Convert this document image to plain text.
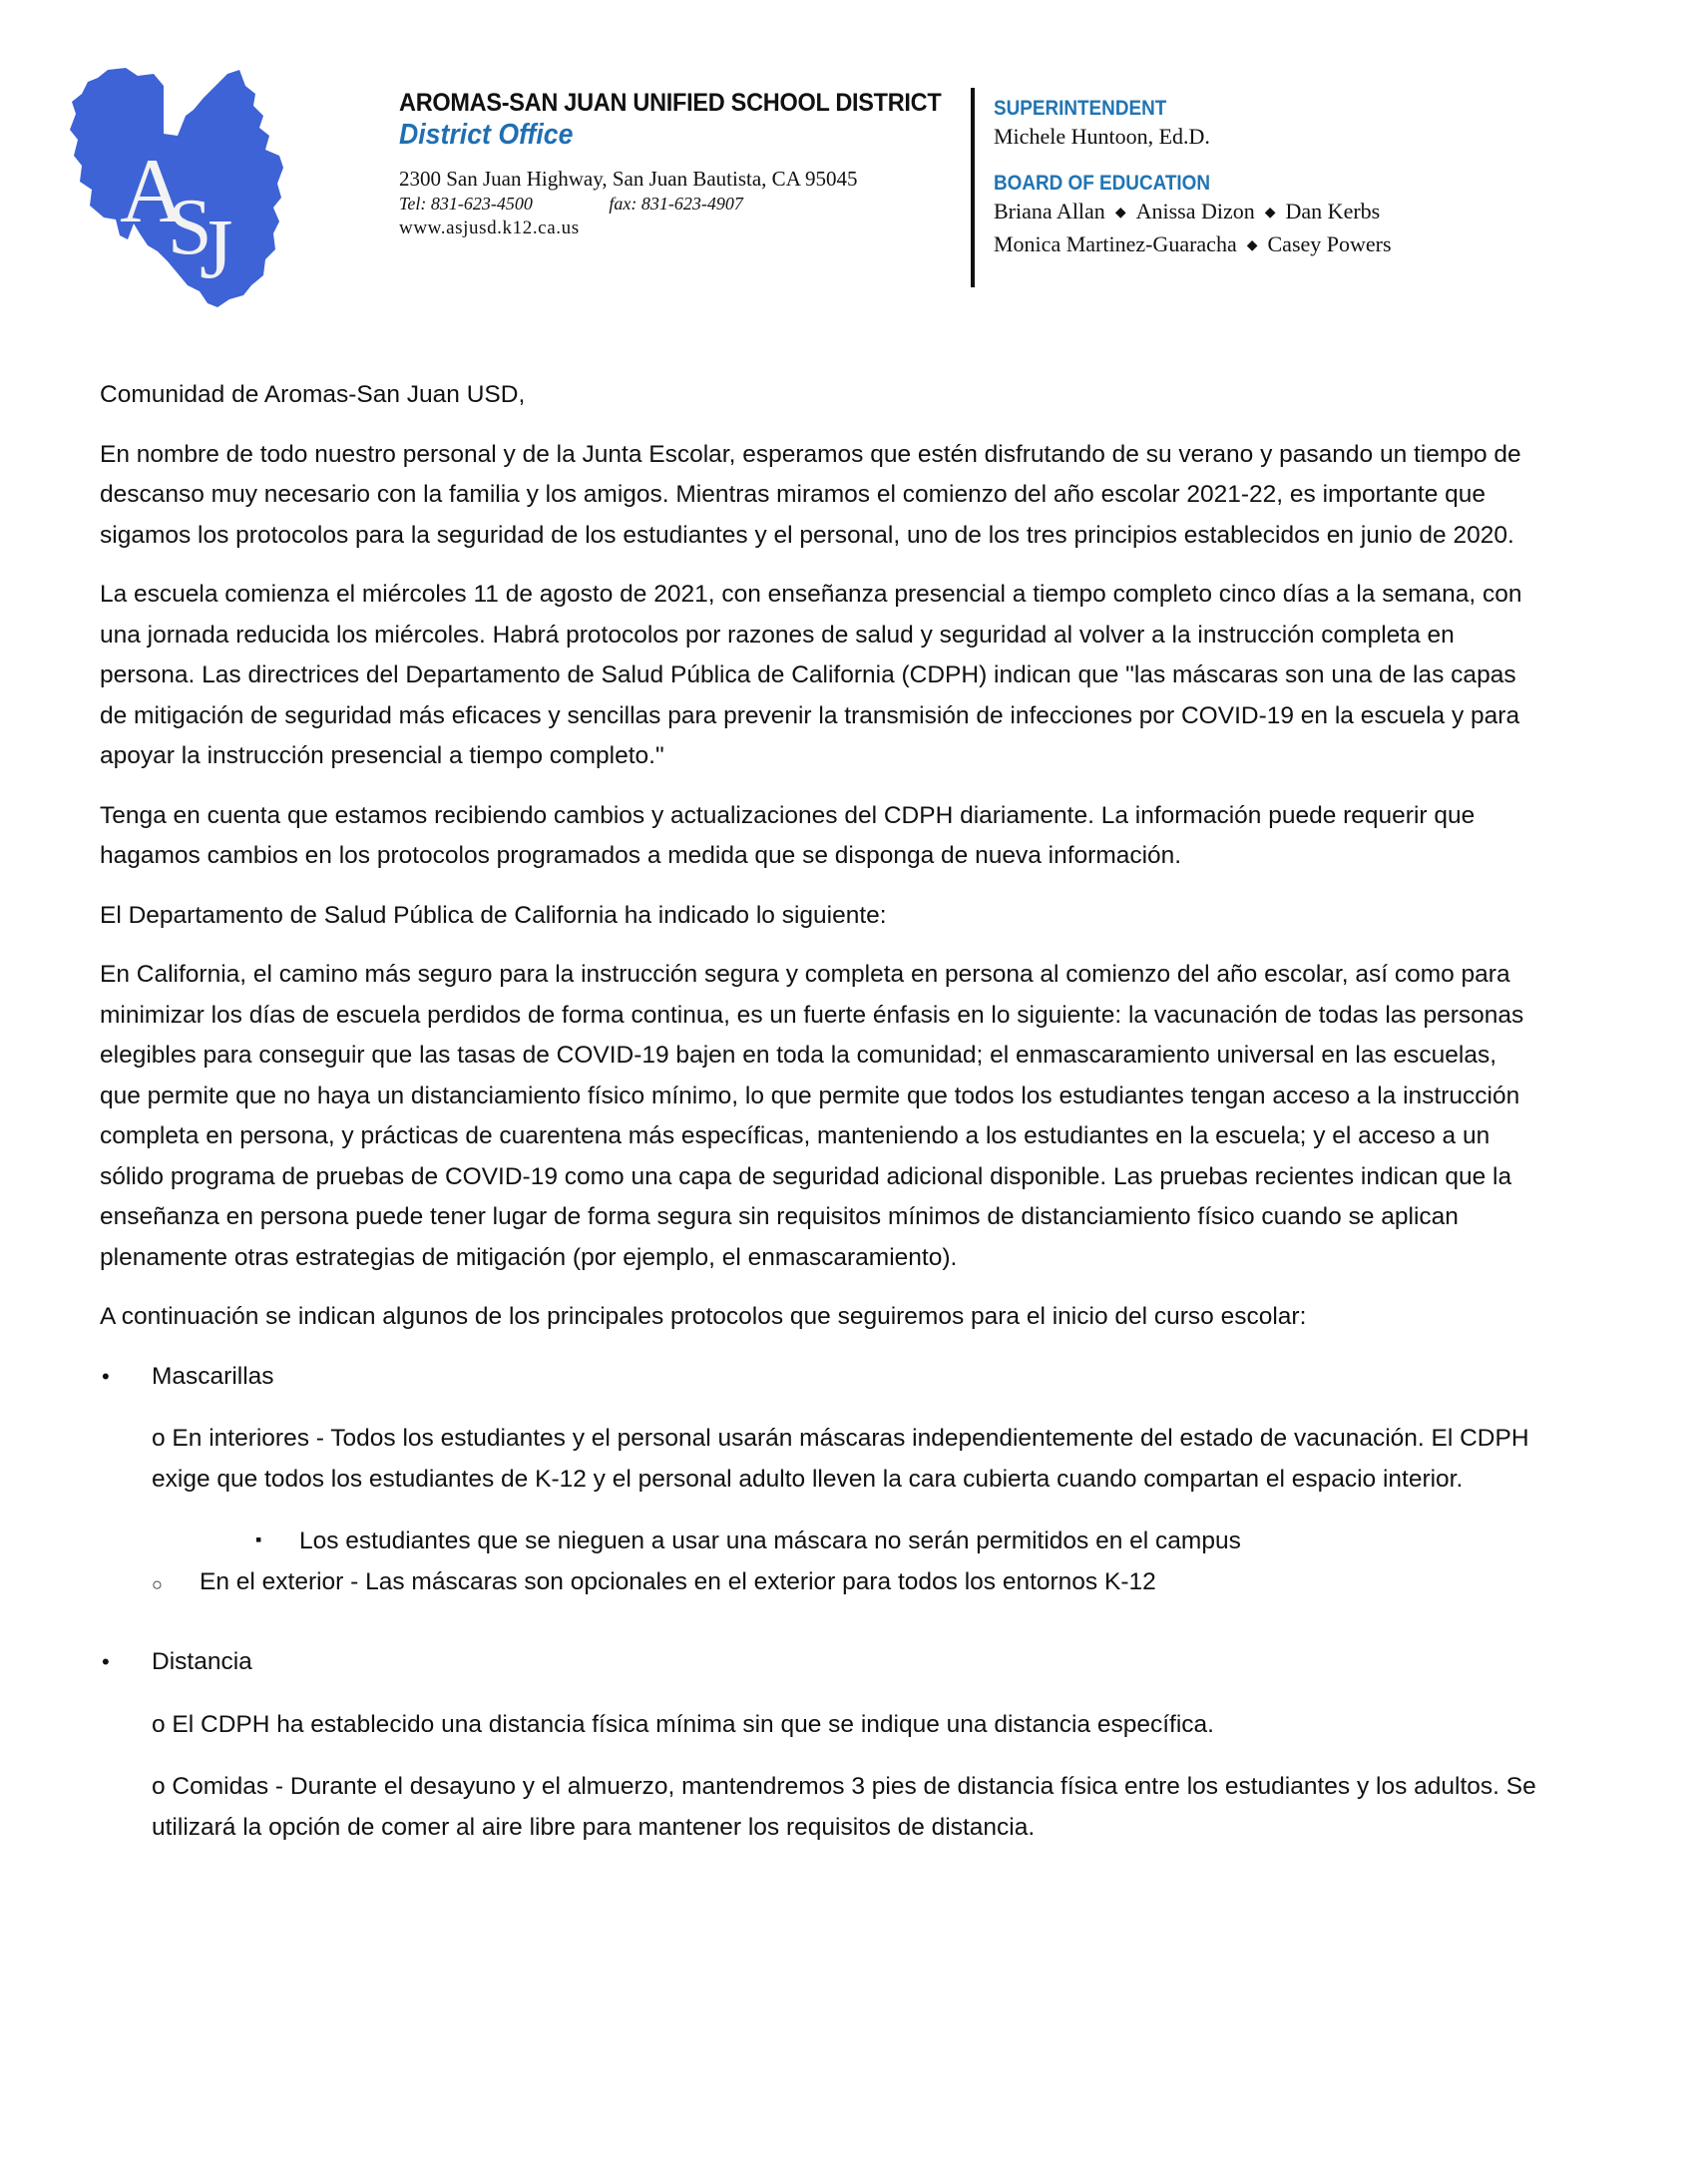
A
S
J
AROMAS-SAN JUAN UNIFIED SCHOOL DISTRICT
District Office
2300 San Juan Highway, San Juan Bautista, CA 95045
Tel: 831-623-4500	fax: 831-623-4907
www.asjusd.k12.ca.us
SUPERINTENDENT
Michele Huntoon, Ed.D.
BOARD OF EDUCATION
Briana Allan ◆ Anissa Dizon ◆ Dan Kerbs
Monica Martinez-Guaracha ◆ Casey Powers

Comunidad de Aromas-San Juan USD,

En nombre de todo nuestro personal y de la Junta Escolar, esperamos que estén disfrutando de su verano y pasando un tiempo de descanso muy necesario con la familia y los amigos. Mientras miramos el comienzo del año escolar 2021-22, es importante que sigamos los protocolos para la seguridad de los estudiantes y el personal, uno de los tres principios establecidos en junio de 2020.

La escuela comienza el miércoles 11 de agosto de 2021, con enseñanza presencial a tiempo completo cinco días a la semana, con una jornada reducida los miércoles. Habrá protocolos por razones de salud y seguridad al volver a la instrucción completa en persona. Las directrices del Departamento de Salud Pública de California (CDPH) indican que "las máscaras son una de las capas de mitigación de seguridad más eficaces y sencillas para prevenir la transmisión de infecciones por COVID-19 en la escuela y para apoyar la instrucción presencial a tiempo completo."

Tenga en cuenta que estamos recibiendo cambios y actualizaciones del CDPH diariamente. La información puede requerir que hagamos cambios en los protocolos programados a medida que se disponga de nueva información.

El Departamento de Salud Pública de California ha indicado lo siguiente:

En California, el camino más seguro para la instrucción segura y completa en persona al comienzo del año escolar, así como para minimizar los días de escuela perdidos de forma continua, es un fuerte énfasis en lo siguiente: la vacunación de todas las personas elegibles para conseguir que las tasas de COVID-19 bajen en toda la comunidad; el enmascaramiento universal en las escuelas, que permite que no haya un distanciamiento físico mínimo, lo que permite que todos los estudiantes tengan acceso a la instrucción completa en persona, y prácticas de cuarentena más específicas, manteniendo a los estudiantes en la escuela; y el acceso a un sólido programa de pruebas de COVID-19 como una capa de seguridad adicional disponible. Las pruebas recientes indican que la enseñanza en persona puede tener lugar de forma segura sin requisitos mínimos de distanciamiento físico cuando se aplican plenamente otras estrategias de mitigación (por ejemplo, el enmascaramiento).

A continuación se indican algunos de los principales protocolos que seguiremos para el inicio del curso escolar:

• Mascarillas

o En interiores - Todos los estudiantes y el personal usarán máscaras independientemente del estado de vacunación. El CDPH exige que todos los estudiantes de K-12 y el personal adulto lleven la cara cubierta cuando compartan el espacio interior.

▪ Los estudiantes que se nieguen a usar una máscara no serán permitidos en el campus
○ En el exterior - Las máscaras son opcionales en el exterior para todos los entornos K-12
• Distancia

o El CDPH ha establecido una distancia física mínima sin que se indique una distancia específica.

o Comidas - Durante el desayuno y el almuerzo, mantendremos 3 pies de distancia física entre los estudiantes y los adultos. Se utilizará la opción de comer al aire libre para mantener los requisitos de distancia.
